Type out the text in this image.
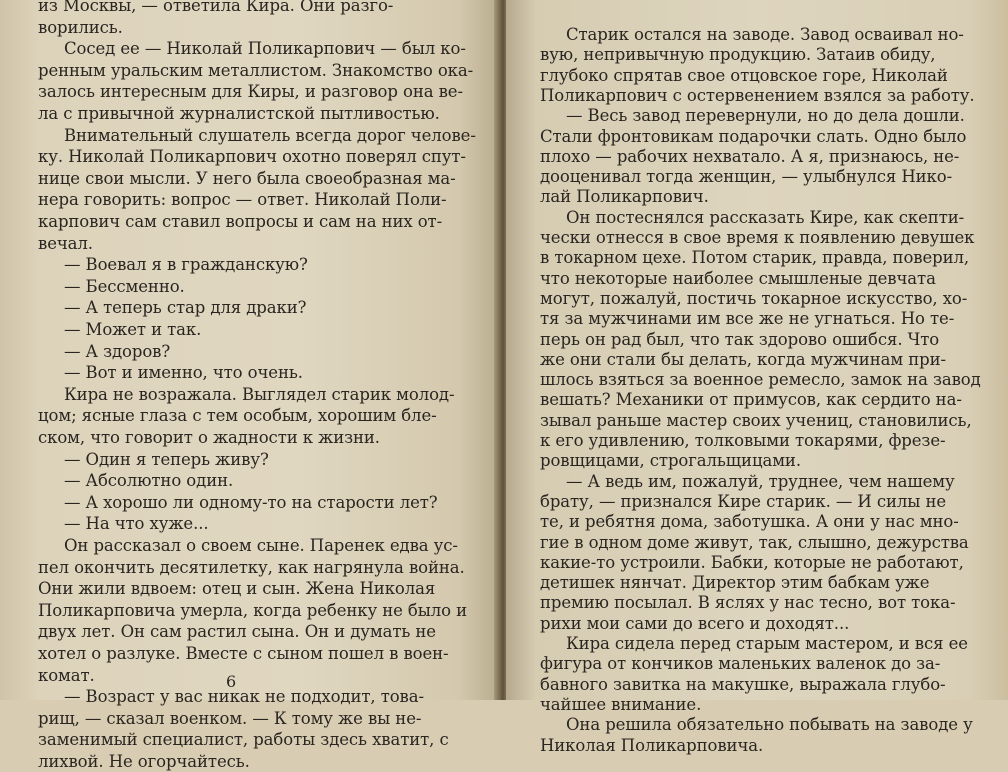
из Москвы, — ответила Кира. Они разго-
ворились.
Сосед ее — Николай Поликарпович — был ко-
ренным уральским металлистом. Знакомство ока-
залось интересным для Киры, и разговор она ве-
ла с привычной журналистской пытливостью.
Внимательный слушатель всегда дорог челове-
ку. Николай Поликарпович охотно поверял спут-
нице свои мысли. У него была своеобразная ма-
нера говорить: вопрос — ответ. Николай Поли-
карпович сам ставил вопросы и сам на них от-
вечал.
— Воевал я в гражданскую?
— Бессменно.
— А теперь стар для драки?
— Может и так.
— А здоров?
— Вот и именно, что очень.
Кира не возражала. Выглядел старик молод-
цом; ясные глаза с тем особым, хорошим бле-
ском, что говорит о жадности к жизни.
— Один я теперь живу?
— Абсолютно один.
— А хорошо ли одному-то на старости лет?
— На что хуже...
Он рассказал о своем сыне. Паренек едва ус-
пел окончить десятилетку, как нагрянула война.
Они жили вдвоем: отец и сын. Жена Николая
Поликарповича умерла, когда ребенку не было и
двух лет. Он сам растил сына. Он и думать не
хотел о разлуке. Вместе с сыном пошел в воен-
комат.
— Возраст у вас никак не подходит, това-
рищ, — сказал военком. — К тому же вы не-
заменимый специалист, работы здесь хватит, с
лихвой. Не огорчайтесь.
6
Старик остался на заводе. Завод осваивал но-
вую, непривычную продукцию. Затаив обиду,
глубоко спрятав свое отцовское горе, Николай
Поликарпович с остервенением взялся за работу.
— Весь завод перевернули, но до дела дошли.
Стали фронтовикам подарочки слать. Одно было
плохо — рабочих нехватало. А я, признаюсь, не-
дооценивал тогда женщин, — улыбнулся Нико-
лай Поликарпович.
Он постеснялся рассказать Кире, как скепти-
чески отнесся в свое время к появлению девушек
в токарном цехе. Потом старик, правда, поверил,
что некоторые наиболее смышленые девчата
могут, пожалуй, постичь токарное искусство, хо-
тя за мужчинами им все же не угнаться. Но те-
перь он рад был, что так здорово ошибся. Что
же они стали бы делать, когда мужчинам при-
шлось взяться за военное ремесло, замок на завод
вешать? Механики от примусов, как сердито на-
зывал раньше мастер своих учениц, становились,
к его удивлению, толковыми токарями, фрезе-
ровщицами, строгальщицами.
— А ведь им, пожалуй, труднее, чем нашему
брату, — признался Кире старик. — И силы не
те, и ребятня дома, заботушка. А они у нас мно-
гие в одном доме живут, так, слышно, дежурства
какие-то устроили. Бабки, которые не работают,
детишек нянчат. Директор этим бабкам уже
премию посылал. В яслях у нас тесно, вот тока-
рихи мои сами до всего и доходят...
Кира сидела перед старым мастером, и вся ее
фигура от кончиков маленьких валенок до за-
бавного завитка на макушке, выражала глубо-
чайшее внимание.
Она решила обязательно побывать на заводе у
Николая Поликарповича.
